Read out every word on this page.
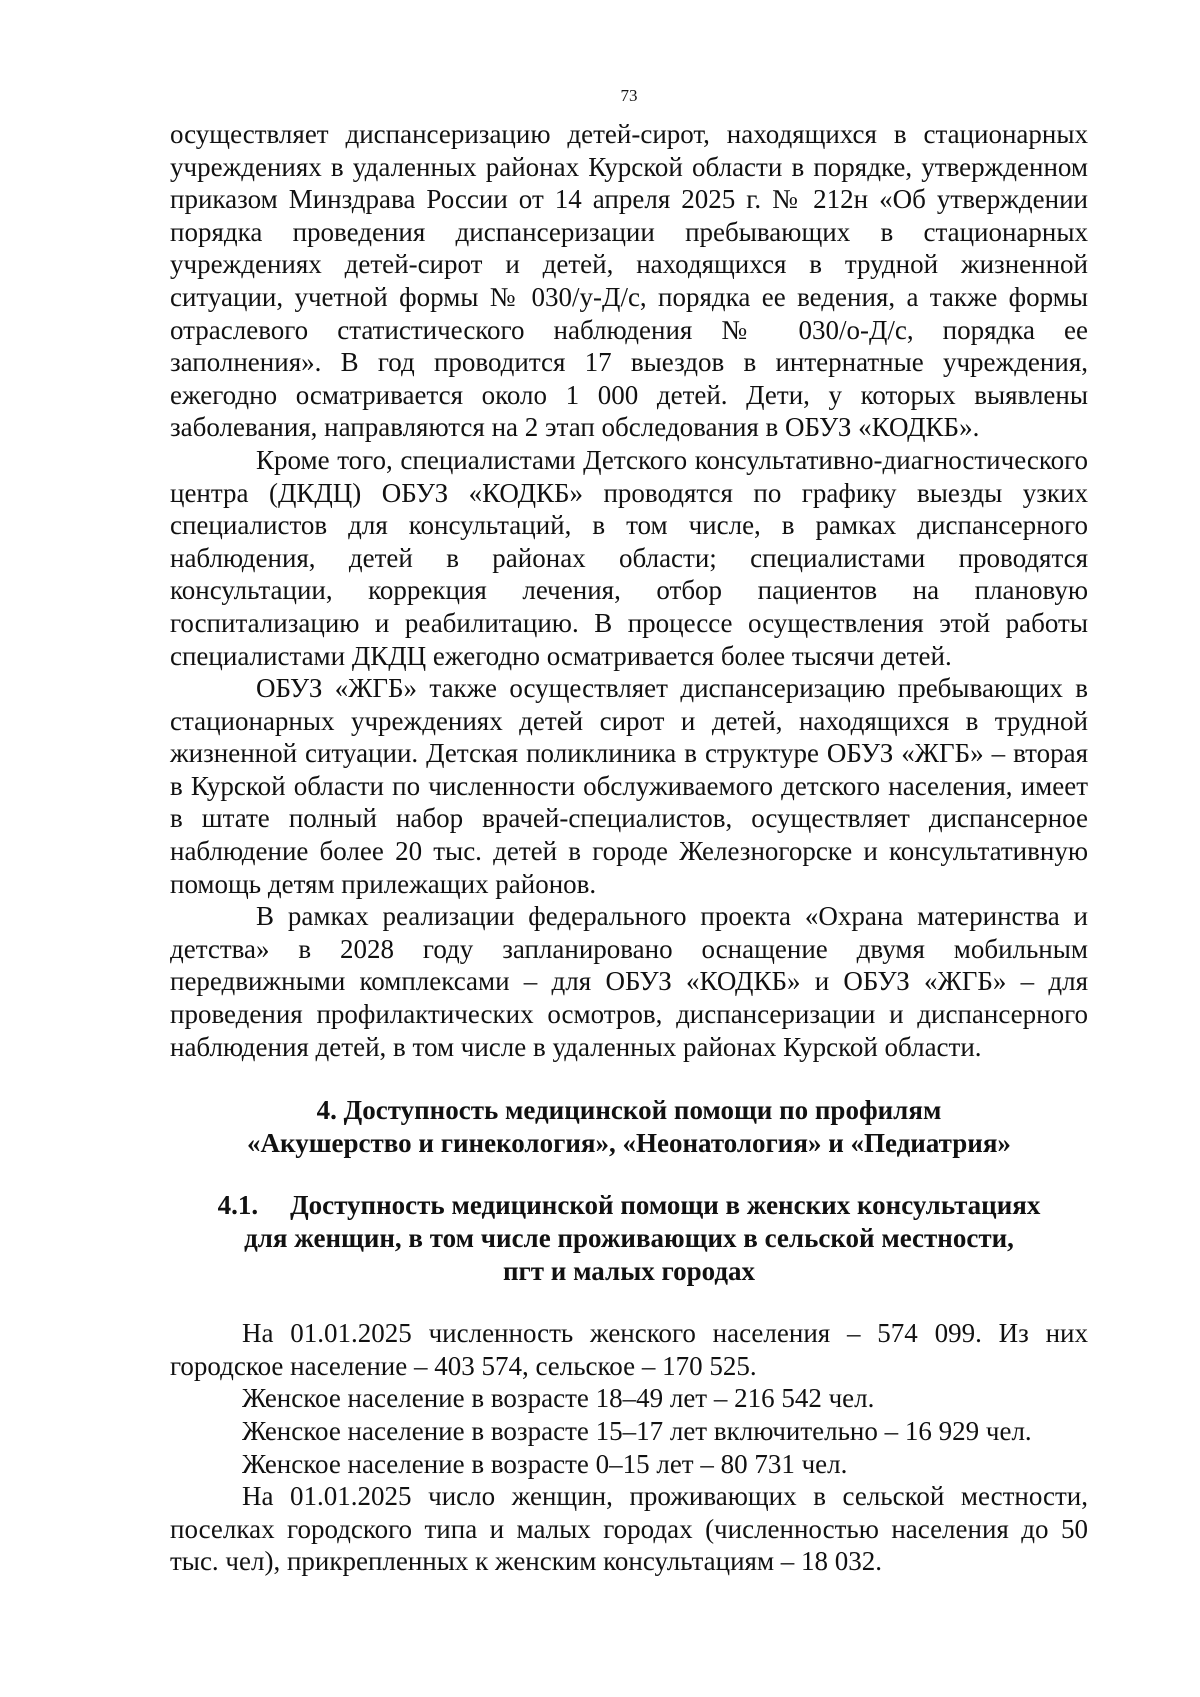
73

осуществляет диспансеризацию детей-сирот, находящихся в стационарных учреждениях в удаленных районах Курской области в порядке, утвержденном приказом Минздрава России от 14 апреля 2025 г. № 212н «Об утверждении порядка проведения диспансеризации пребывающих в стационарных учреждениях детей-сирот и детей, находящихся в трудной жизненной ситуации, учетной формы № 030/у-Д/с, порядка ее ведения, а также формы отраслевого статистического наблюдения № 030/о-Д/с, порядка ее заполнения». В год проводится 17 выездов в интернатные учреждения, ежегодно осматривается около 1 000 детей. Дети, у которых выявлены заболевания, направляются на 2 этап обследования в ОБУЗ «КОДКБ».

Кроме того, специалистами Детского консультативно-диагностического центра (ДКДЦ) ОБУЗ «КОДКБ» проводятся по графику выезды узких специалистов для консультаций, в том числе, в рамках диспансерного наблюдения, детей в районах области; специалистами проводятся консультации, коррекция лечения, отбор пациентов на плановую госпитализацию и реабилитацию. В процессе осуществления этой работы специалистами ДКДЦ ежегодно осматривается более тысячи детей.

ОБУЗ «ЖГБ» также осуществляет диспансеризацию пребывающих в стационарных учреждениях детей сирот и детей, находящихся в трудной жизненной ситуации. Детская поликлиника в структуре ОБУЗ «ЖГБ» – вторая в Курской области по численности обслуживаемого детского населения, имеет в штате полный набор врачей-специалистов, осуществляет диспансерное наблюдение более 20 тыс. детей в городе Железногорске и консультативную помощь детям прилежащих районов.

В рамках реализации федерального проекта «Охрана материнства и детства» в 2028 году запланировано оснащение двумя мобильным передвижными комплексами – для ОБУЗ «КОДКБ» и ОБУЗ «ЖГБ» – для проведения профилактических осмотров, диспансеризации и диспансерного наблюдения детей, в том числе в удаленных районах Курской области.

4. Доступность медицинской помощи по профилям
«Акушерство и гинекология», «Неонатология» и «Педиатрия»
4.1. Доступность медицинской помощи в женских консультациях
для женщин, в том числе проживающих в сельской местности,
пгт и малых городах

На 01.01.2025 численность женского населения – 574 099. Из них городское население – 403 574, сельское – 170 525.

Женское население в возрасте 18–49 лет – 216 542 чел.

Женское население в возрасте 15–17 лет включительно – 16 929 чел.

Женское население в возрасте 0–15 лет – 80 731 чел.

На 01.01.2025 число женщин, проживающих в сельской местности, поселках городского типа и малых городах (численностью населения до 50 тыс. чел), прикрепленных к женским консультациям – 18 032.
